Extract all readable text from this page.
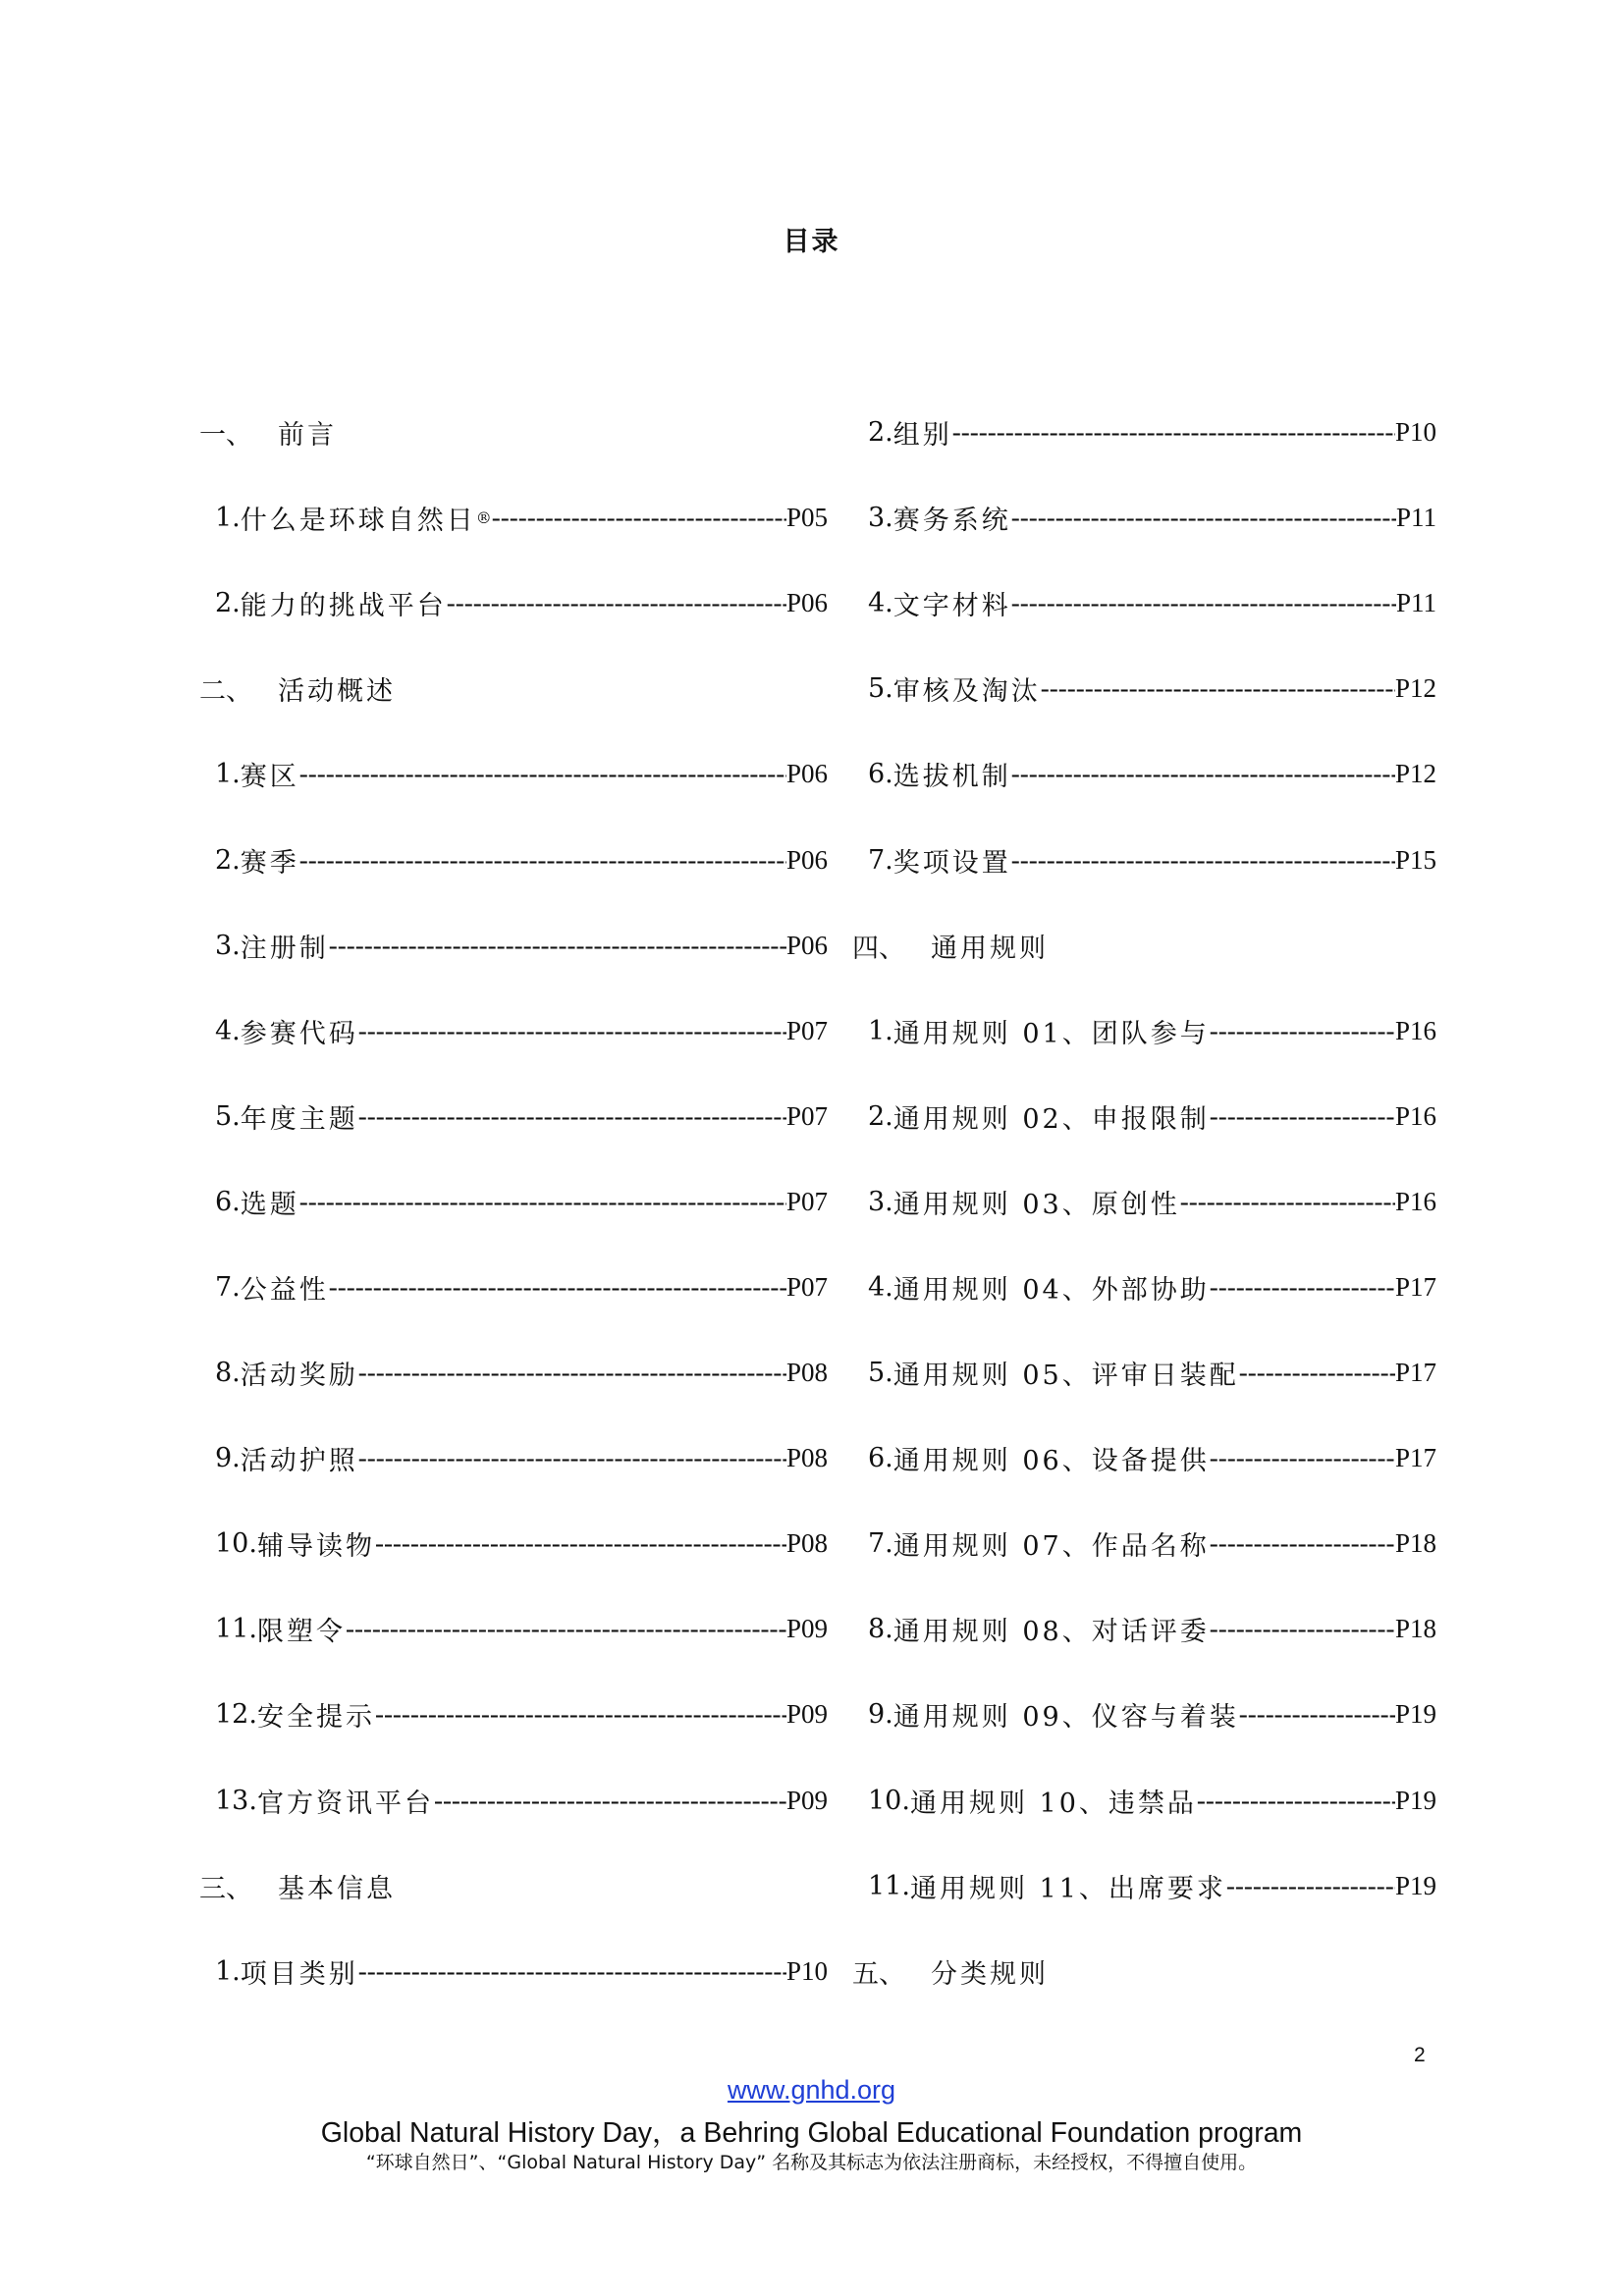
目录
一、 前言
1. 什么是环球自然日 ® -----	P05
2. 能力的挑战平台 -----	P06
二、 活动概述
1. 赛区 -----	P06
2. 赛季 -----	P06
3. 注册制 -----	P06
4. 参赛代码 -----	P07
5. 年度主题 -----	P07
6. 选题 -----	P07
7. 公益性 -----	P07
8. 活动奖励 -----	P08
9. 活动护照 -----	P08
10. 辅导读物 -----	P08
11. 限塑令 -----	P09
12. 安全提示 -----	P09
13. 官方资讯平台 -----	P09
三、 基本信息
1. 项目类别 -----	P10
2. 组别 -----	P10
3. 赛务系统 -----	P11
4. 文字材料 -----	P11
5. 审核及淘汰 -----	P12
6. 选拔机制 -----	P12
7. 奖项设置 -----	P15
四、 通用规则
1. 通用规则 01、团队参与 -----	P16
2. 通用规则 02、申报限制 -----	P16
3. 通用规则 03、原创性 -----	P16
4. 通用规则 04、外部协助 -----	P17
5. 通用规则 05、评审日装配 -----	P17
6. 通用规则 06、设备提供 -----	P17
7. 通用规则 07、作品名称 -----	P18
8. 通用规则 08、对话评委 -----	P18
9. 通用规则 09、仪容与着装 -----	P19
10. 通用规则 10、违禁品 -----	P19
11. 通用规则 11、出席要求 -----	P19
五、 分类规则
2
www.gnhd.org
Global Natural History Day，a Behring Global Educational Foundation program
“环球自然日”、“Global Natural History Day” 名称及其标志为依法注册商标，未经授权，不得擅自使用。
